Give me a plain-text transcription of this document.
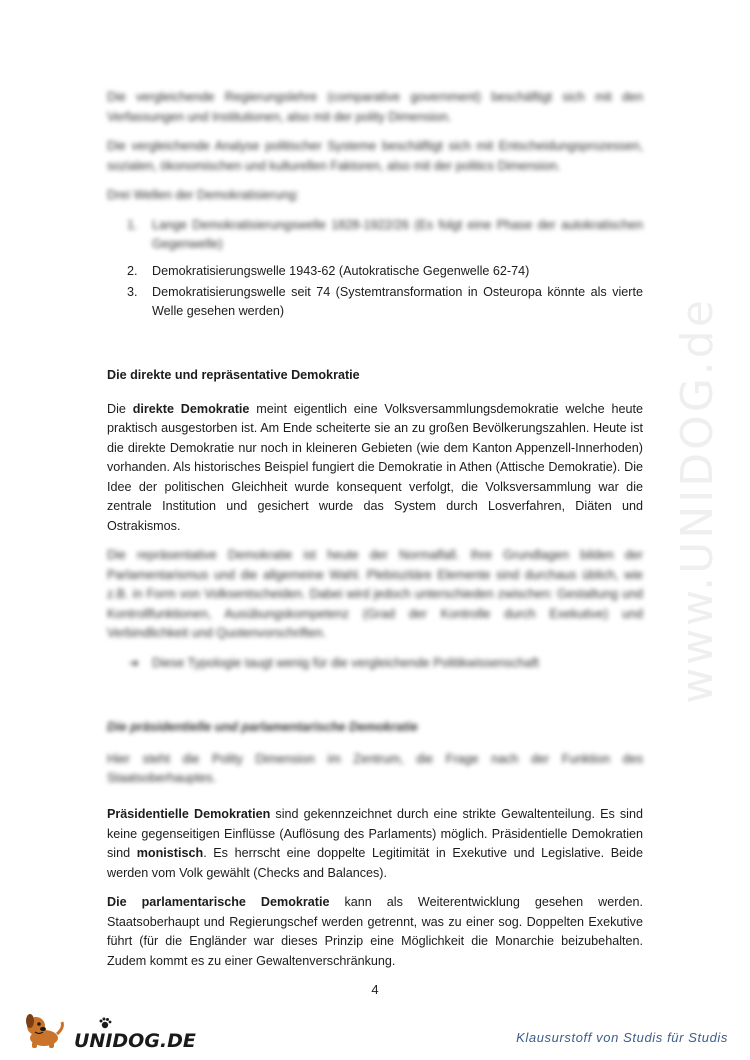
www.UNIDOG.de

Die vergleichende Regierungslehre (comparative government) beschäftigt sich mit den Verfassungen und Institutionen, also mit der polity Dimension.

Die vergleichende Analyse politischer Systeme beschäftigt sich mit Entscheidungsprozessen, sozialen, ökonomischen und kulturellen Faktoren, also mit der politics Dimension.

Drei Wellen der Demokratisierung:

1. Lange Demokratisierungswelle 1828-1922/26 (Es folgt eine Phase der autokratischen Gegenwelle)
2. Demokratisierungswelle 1943-62 (Autokratische Gegenwelle 62-74)
3. Demokratisierungswelle seit 74 (Systemtransformation in Osteuropa könnte als vierte Welle gesehen werden)

Die direkte und repräsentative Demokratie

Die direkte Demokratie meint eigentlich eine Volksversammlungsdemokratie welche heute praktisch ausgestorben ist. Am Ende scheiterte sie an zu großen Bevölkerungszahlen. Heute ist die direkte Demokratie nur noch in kleineren Gebieten (wie dem Kanton Appenzell-Innerhoden) vorhanden. Als historisches Beispiel fungiert die Demokratie in Athen (Attische Demokratie). Die Idee der politischen Gleichheit wurde konsequent verfolgt, die Volksversammlung war die zentrale Institution und gesichert wurde das System durch Losverfahren, Diäten und Ostrakismos.

Die repräsentative Demokratie ist heute der Normalfall. Ihre Grundlagen bilden der Parlamentarismus und die allgemeine Wahl. Plebiszitäre Elemente sind durchaus üblich, wie z.B. in Form von Volksentscheiden. Dabei wird jedoch unterschieden zwischen: Gestaltung und Kontrollfunktionen, Ausübungskompetenz (Grad der Kontrolle durch Exekutive) und Verbindlichkeit und Quotenvorschriften.

➜ Diese Typologie taugt wenig für die vergleichende Politikwissenschaft

Die präsidentielle und parlamentarische Demokratie

Hier steht die Polity Dimension im Zentrum, die Frage nach der Funktion des Staatsoberhauptes.

Präsidentielle Demokratien sind gekennzeichnet durch eine strikte Gewaltenteilung. Es sind keine gegenseitigen Einflüsse (Auflösung des Parlaments) möglich. Präsidentielle Demokratien sind monistisch. Es herrscht eine doppelte Legitimität in Exekutive und Legislative. Beide werden vom Volk gewählt (Checks and Balances).

Die parlamentarische Demokratie kann als Weiterentwicklung gesehen werden. Staatsoberhaupt und Regierungschef werden getrennt, was zu einer sog. Doppelten Exekutive führt (für die Engländer war dieses Prinzip eine Möglichkeit die Monarchie beizubehalten. Zudem kommt es zu einer Gewaltenverschränkung.

4
UNIDOG.DE	Klausurstoff von Studis für Studis
